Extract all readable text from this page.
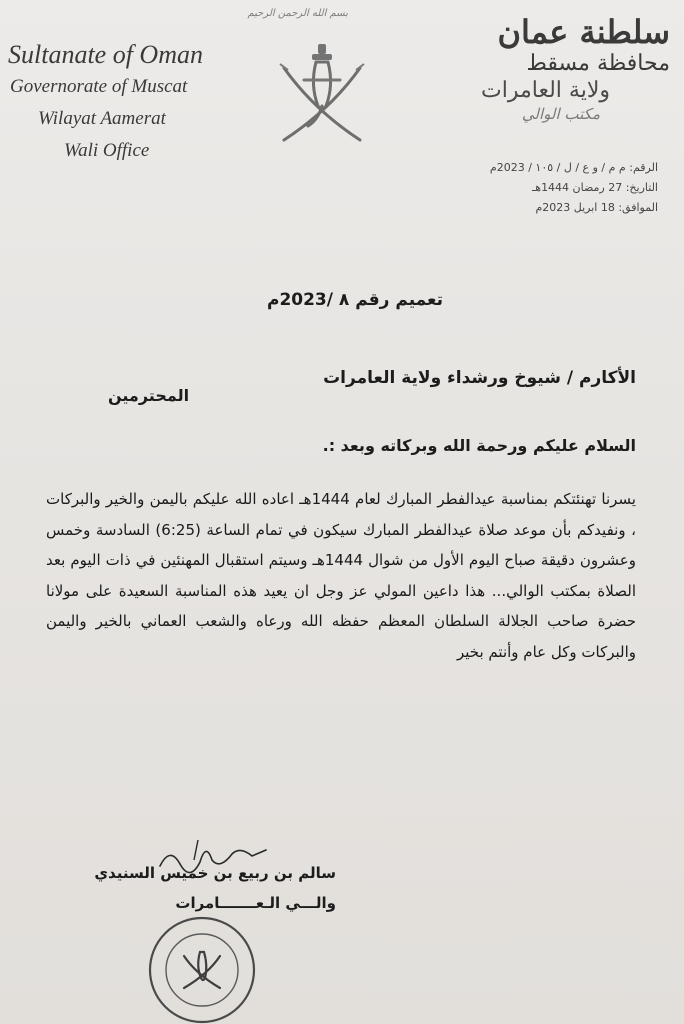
Sultanate of Oman
Governorate of Muscat
Wilayat Aamerat
Wali Office
بسم الله الرحمن الرحيم	سلطنة عمان
محافظة مسقط
ولاية العامرات
مكتب الوالي
الرقم: م م / و ع / ل / ١٠٥ / 2023م
التاريخ: 27 رمضان 1444هـ
الموافق: 18 ابريل 2023م
تعميم رقم ٨ /2023م
الأكارم / شيوخ ورشداء ولاية العامرات
المحترمين
السلام عليكم ورحمة الله وبركاته وبعد :.
يسرنا تهنئتكم بمناسبة عيدالفطر المبارك لعام 1444هـ اعاده الله عليكم باليمن والخير والبركات ، ونفيدكم بأن موعد صلاة عيدالفطر المبارك سيكون في تمام الساعة (6:25) السادسة وخمس وعشرون دقيقة صباح اليوم الأول من شوال 1444هـ وسيتم استقبال المهنئين في ذات اليوم بعد الصلاة بمكتب الوالي... هذا داعين المولي عز وجل ان يعيد هذه المناسبة السعيدة على مولانا حضرة صاحب الجلالة السلطان المعظم حفظه الله ورعاه والشعب العماني بالخير واليمن والبركات وكل عام وأنتم بخير
سالم بن ربيع بن خميس السنيدي
والـــي الـعـــــــامرات
